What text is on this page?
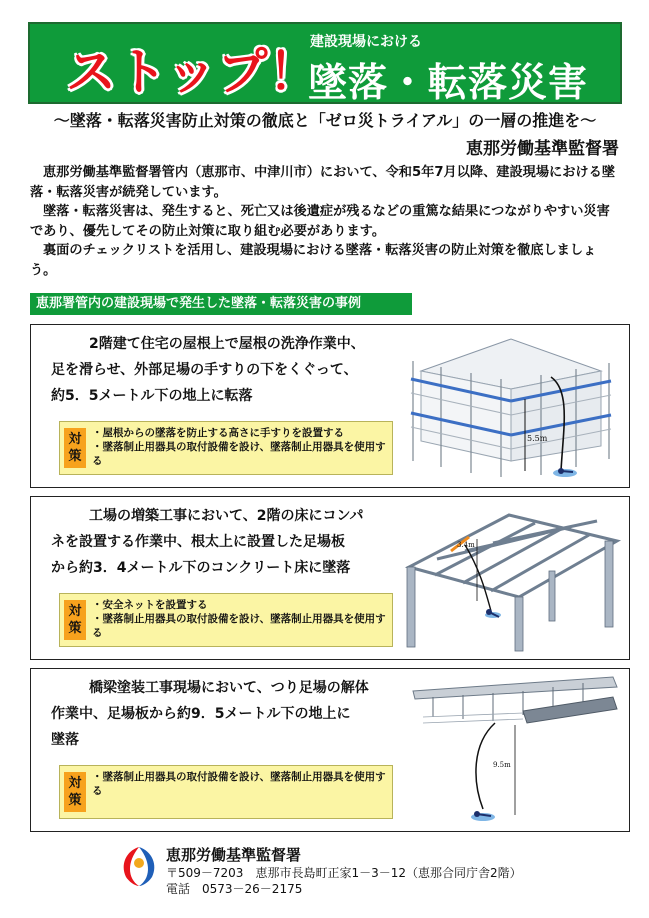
ストップ！
建設現場における
墜落・転落災害
～墜落・転落災害防止対策の徹底と「ゼロ災トライアル」の一層の推進を～
恵那労働基準監督署

恵那労働基準監督署管内（恵那市、中津川市）において、令和5年7月以降、建設現場における墜落・転落災害が続発しています。

墜落・転落災害は、発生すると、死亡又は後遺症が残るなどの重篤な結果につながりやすい災害であり、優先してその防止対策に取り組む必要があります。

裏面のチェックリストを活用し、建設現場における墜落・転落災害の防止対策を徹底しましょう。

恵那署管内の建設現場で発生した墜落・転落災害の事例

2階建て住宅の屋根上で屋根の洗浄作業中、

足を滑らせ、外部足場の手すりの下をくぐって、

約5．5メートル下の地上に転落

対策
・屋根からの墜落を防止する高さに手すりを設置する
・墜落制止用器具の取付設備を設け、墜落制止用器具を使用する
5.5m

工場の増築工事において、2階の床にコンパ

ネを設置する作業中、根太上に設置した足場板

から約3．4メートル下のコンクリート床に墜落

対策
・安全ネットを設置する
・墜落制止用器具の取付設備を設け、墜落制止用器具を使用する
3.4m

橋梁塗装工事現場において、つり足場の解体

作業中、足場板から約9．5メートル下の地上に

墜落

対策
・墜落制止用器具の取付設備を設け、墜落制止用器具を使用する
9.5m
恵那労働基準監督署
〒509－7203　恵那市長島町正家1－3－12（恵那合同庁舎2階）
電話　0573－26－2175
